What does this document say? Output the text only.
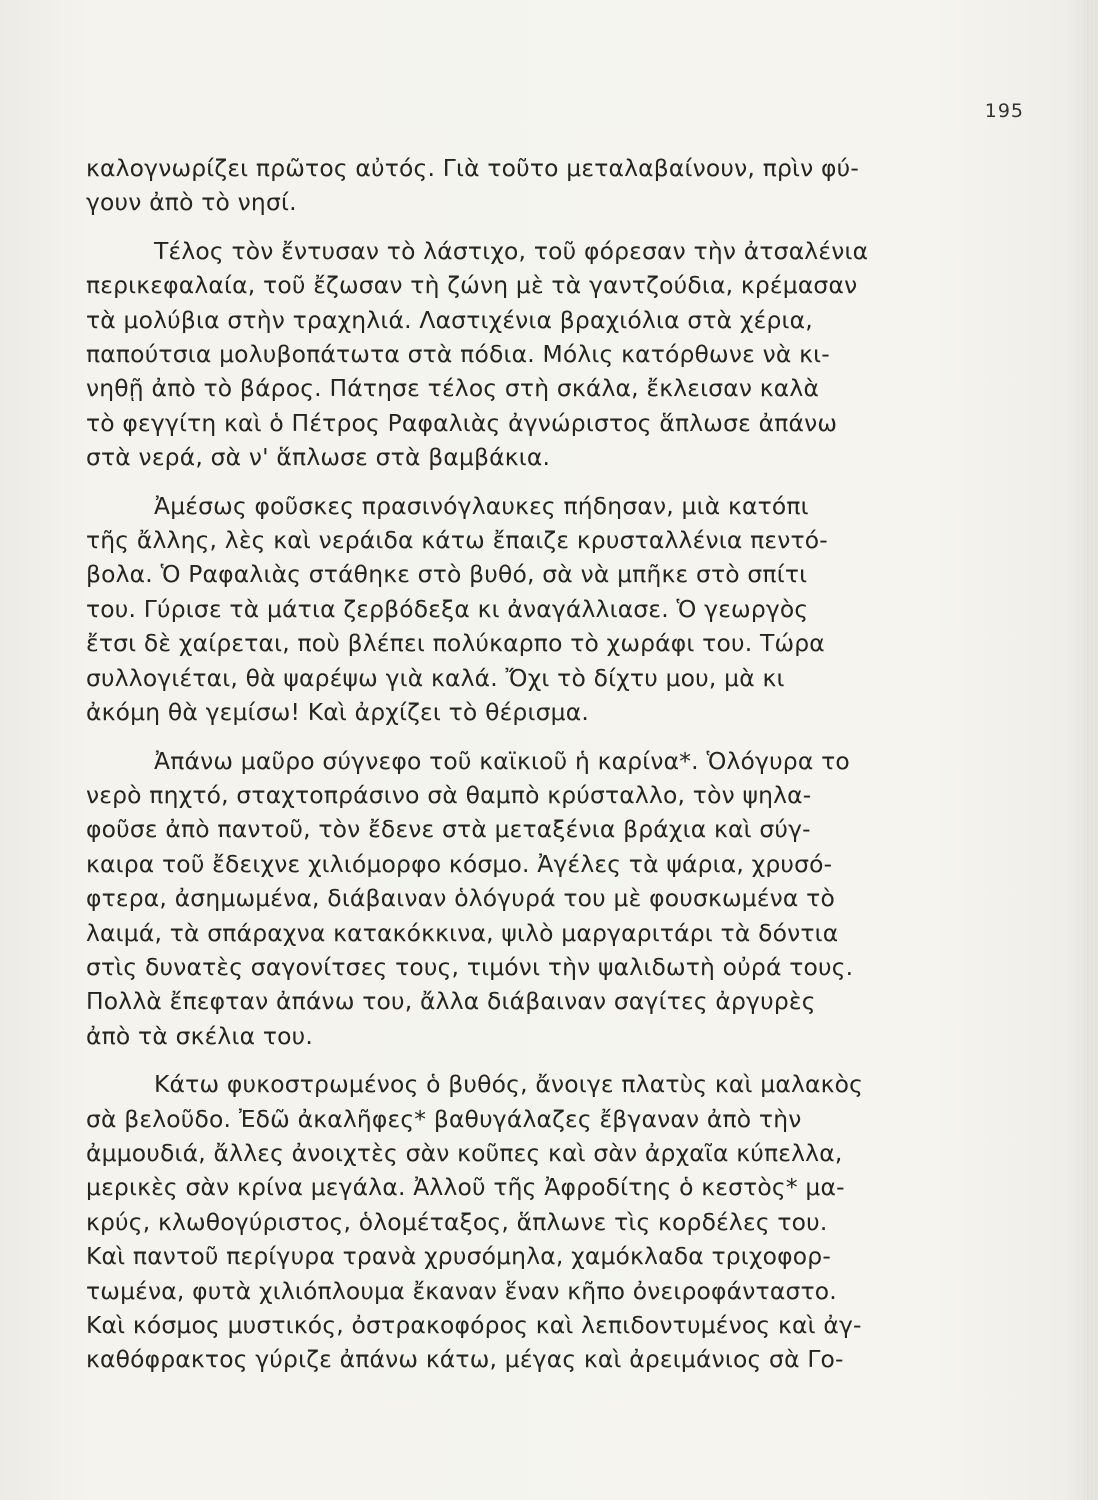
195
καλογνωρίζει πρῶτος αὐτός. Γιὰ τοῦτο μεταλαβαίνουν, πρὶν φύ-
γουν ἀπὸ τὸ νησί.
Τέλος τὸν ἔντυσαν τὸ λάστιχο, τοῦ φόρεσαν τὴν ἀτσαλένια
περικεφαλαία, τοῦ ἔζωσαν τὴ ζώνη μὲ τὰ γαντζούδια, κρέμασαν
τὰ μολύβια στὴν τραχηλιά. Λαστιχένια βραχιόλια στὰ χέρια,
παπούτσια μολυβοπάτωτα στὰ πόδια. Μόλις κατόρθωνε νὰ κι-
νηθῇ ἀπὸ τὸ βάρος. Πάτησε τέλος στὴ σκάλα, ἔκλεισαν καλὰ
τὸ φεγγίτη καὶ ὁ Πέτρος Ραφαλιὰς ἀγνώριστος ἅπλωσε ἀπάνω
στὰ νερά, σὰ ν' ἅπλωσε στὰ βαμβάκια.
Ἀμέσως φοῦσκες πρασινόγλαυκες πήδησαν, μιὰ κατόπι
τῆς ἄλλης, λὲς καὶ νεράιδα κάτω ἔπαιζε κρυσταλλένια πεντό-
βολα. Ὁ Ραφαλιὰς στάθηκε στὸ βυθό, σὰ νὰ μπῆκε στὸ σπίτι
του. Γύρισε τὰ μάτια ζερβόδεξα κι ἀναγάλλιασε. Ὁ γεωργὸς
ἔτσι δὲ χαίρεται, ποὺ βλέπει πολύκαρπο τὸ χωράφι του. Τώρα
συλλογιέται, θὰ ψαρέψω γιὰ καλά. Ὄχι τὸ δίχτυ μου, μὰ κι
ἀκόμη θὰ γεμίσω! Καὶ ἀρχίζει τὸ θέρισμα.
Ἀπάνω μαῦρο σύγνεφο τοῦ καϊκιοῦ ἡ καρίνα*. Ὁλόγυρα το
νερὸ πηχτό, σταχτοπράσινο σὰ θαμπὸ κρύσταλλο, τὸν ψηλα-
φοῦσε ἀπὸ παντοῦ, τὸν ἔδενε στὰ μεταξένια βράχια καὶ σύγ-
καιρα τοῦ ἔδειχνε χιλιόμορφο κόσμο. Ἀγέλες τὰ ψάρια, χρυσό-
φτερα, ἀσημωμένα, διάβαιναν ὁλόγυρά του μὲ φουσκωμένα τὸ
λαιμά, τὰ σπάραχνα κατακόκκινα, ψιλὸ μαργαριτάρι τὰ δόντια
στὶς δυνατὲς σαγονίτσες τους, τιμόνι τὴν ψαλιδωτὴ οὐρά τους.
Πολλὰ ἔπεφταν ἀπάνω του, ἄλλα διάβαιναν σαγίτες ἀργυρὲς
ἀπὸ τὰ σκέλια του.
Κάτω φυκοστρωμένος ὁ βυθός, ἄνοιγε πλατὺς καὶ μαλακὸς
σὰ βελοῦδο. Ἐδῶ ἀκαλῆφες* βαθυγάλαζες ἔβγαναν ἀπὸ τὴν
ἀμμουδιά, ἄλλες ἀνοιχτὲς σὰν κοῦπες καὶ σὰν ἀρχαῖα κύπελλα,
μερικὲς σὰν κρίνα μεγάλα. Ἀλλοῦ τῆς Ἀφροδίτης ὁ κεστὸς* μα-
κρύς, κλωθογύριστος, ὁλομέταξος, ἅπλωνε τὶς κορδέλες του.
Καὶ παντοῦ περίγυρα τρανὰ χρυσόμηλα, χαμόκλαδα τριχοφορ-
τωμένα, φυτὰ χιλιόπλουμα ἔκαναν ἕναν κῆπο ὀνειροφάνταστο.
Καὶ κόσμος μυστικός, ὀστρακοφόρος καὶ λεπιδοντυμένος καὶ ἀγ-
καθόφρακτος γύριζε ἀπάνω κάτω, μέγας καὶ ἀρειμάνιος σὰ Γο-
